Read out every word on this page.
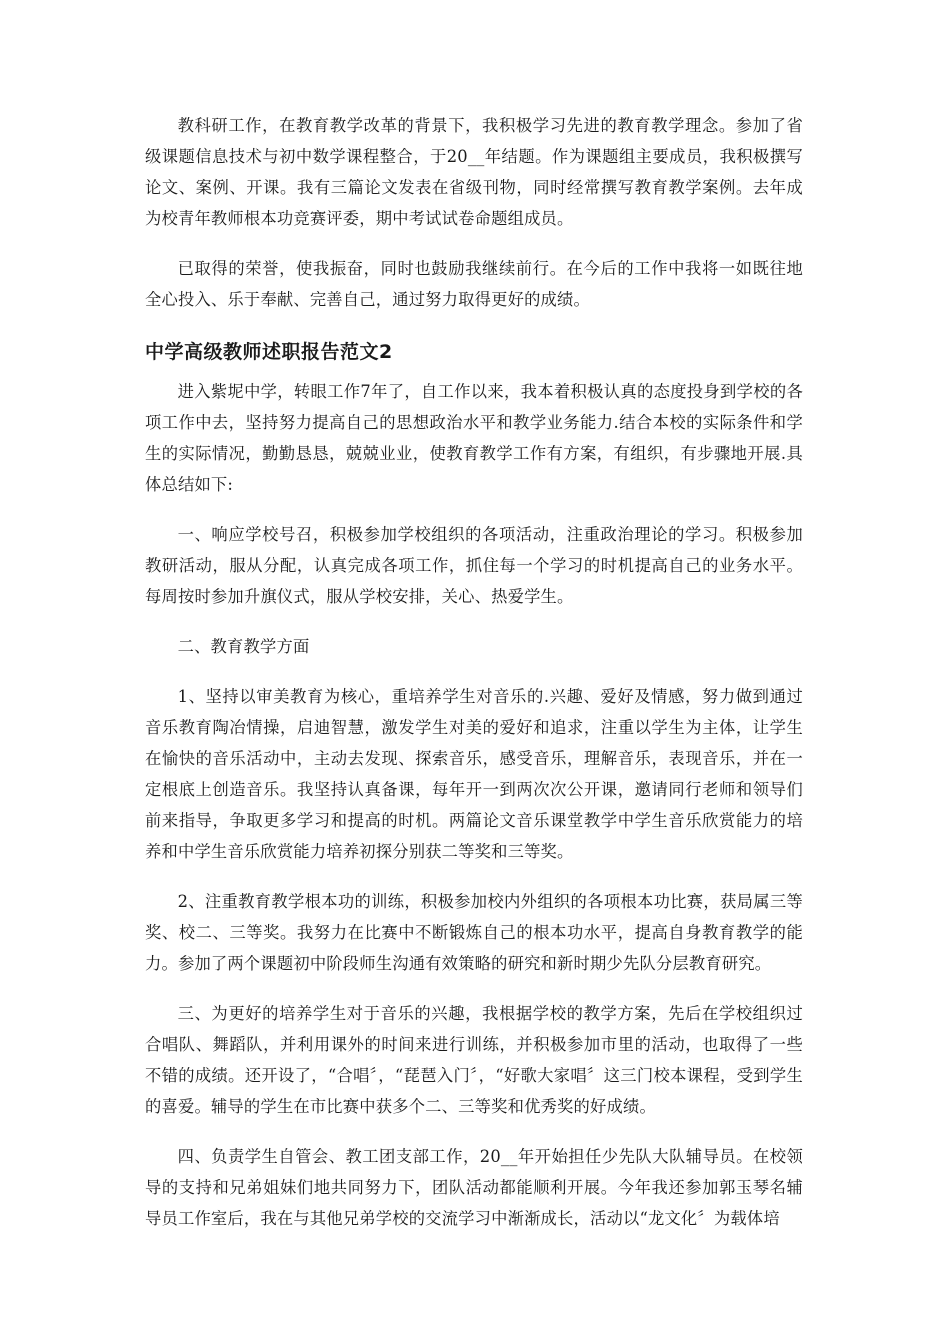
教科研工作，在教育教学改革的背景下，我积极学习先进的教育教学理念。参加了省级课题信息技术与初中数学课程整合，于20__年结题。作为课题组主要成员，我积极撰写论文、案例、开课。我有三篇论文发表在省级刊物，同时经常撰写教育教学案例。去年成为校青年教师根本功竞赛评委，期中考试试卷命题组成员。

已取得的荣誉，使我振奋，同时也鼓励我继续前行。在今后的工作中我将一如既往地全心投入、乐于奉献、完善自己，通过努力取得更好的成绩。

中学高级教师述职报告范文2

进入紫坭中学，转眼工作7年了，自工作以来，我本着积极认真的态度投身到学校的各项工作中去，坚持努力提高自己的思想政治水平和教学业务能力.结合本校的实际条件和学生的实际情况，勤勤恳恳，兢兢业业，使教育教学工作有方案，有组织，有步骤地开展.具体总结如下:

一、响应学校号召，积极参加学校组织的各项活动，注重政治理论的学习。积极参加教研活动，服从分配，认真完成各项工作，抓住每一个学习的时机提高自己的业务水平。每周按时参加升旗仪式，服从学校安排，关心、热爱学生。

二、教育教学方面

1、坚持以审美教育为核心，重培养学生对音乐的.兴趣、爱好及情感，努力做到通过音乐教育陶冶情操，启迪智慧，激发学生对美的爱好和追求，注重以学生为主体，让学生在愉快的音乐活动中，主动去发现、探索音乐，感受音乐，理解音乐，表现音乐，并在一定根底上创造音乐。我坚持认真备课，每年开一到两次次公开课，邀请同行老师和领导们前来指导，争取更多学习和提高的时机。两篇论文音乐课堂教学中学生音乐欣赏能力的培养和中学生音乐欣赏能力培养初探分别获二等奖和三等奖。

2、注重教育教学根本功的训练，积极参加校内外组织的各项根本功比赛，获局属三等奖、校二、三等奖。我努力在比赛中不断锻炼自己的根本功水平，提高自身教育教学的能力。参加了两个课题初中阶段师生沟通有效策略的研究和新时期少先队分层教育研究。

三、为更好的培养学生对于音乐的兴趣，我根据学校的教学方案，先后在学校组织过合唱队、舞蹈队，并利用课外的时间来进行训练，并积极参加市里的活动，也取得了一些不错的成绩。还开设了，“合唱〞，“琵琶入门〞，“好歌大家唱〞这三门校本课程，受到学生的喜爱。辅导的学生在市比赛中获多个二、三等奖和优秀奖的好成绩。

四、负责学生自管会、教工团支部工作，20__年开始担任少先队大队辅导员。在校领导的支持和兄弟姐妹们地共同努力下，团队活动都能顺利开展。今年我还参加郭玉琴名辅导员工作室后，我在与其他兄弟学校的交流学习中渐渐成长，活动以“龙文化〞为载体培
